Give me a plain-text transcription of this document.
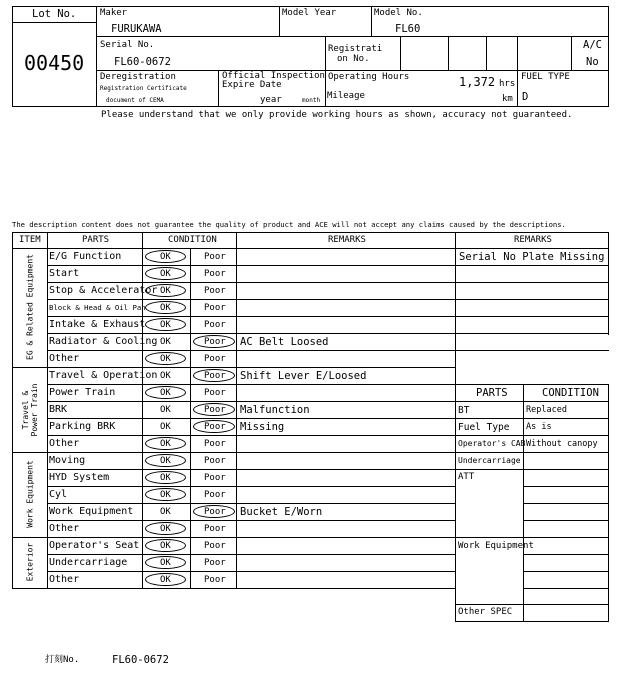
Lot No.
00450
Maker
FURUKAWA
Model Year	Model No.
FL60
Serial No.
FL60-0672
Registrati
on No.
A/C
No
Deregistration
Registration Certificate
document of CEMA
Official Inspection
Expire Date
year	month
Operating Hours	1,372 hrs
Mileage	km
FUEL TYPE
D
Please understand that we only provide working hours as shown, accuracy not guaranteed.
The description content does not guarantee the quality of product and ACE will not accept any claims caused by the descriptions.
ITEM	PARTS	CONDITION	REMARKS
E/G Function	OK	Poor
Start	OK	Poor
Stop & Accelerator OK	Poor
Block & Head & Oil Pan OK	Poor
Intake & Exhaust OK	Poor
Radiator & Cooling OK	Poor AC Belt Loosed
Other	OK	Poor
EG & Related Equipment
Travel & Operation OK	Poor Shift Lever E/Loosed
Power Train	OK	Poor
BRK	OK	Poor Malfunction
Parking BRK	OK	Poor Missing
Other	OK	Poor
Travel & Power Train
Moving	OK	Poor
HYD System	OK	Poor
Cyl	OK	Poor
Work Equipment	OK	Poor Bucket E/Worn
Other	OK	Poor
Work Equipment
Operator's Seat OK	Poor
Undercarriage	OK	Poor
Other	OK	Poor
Exterior
REMARKS
Serial No Plate Missing
PARTS	CONDITION
BT	Replaced
Fuel Type As is
Operator's CAB Without canopy
Undercarriage
ATT
Work Equipment
Other SPEC
打刻No.	FL60-0672
